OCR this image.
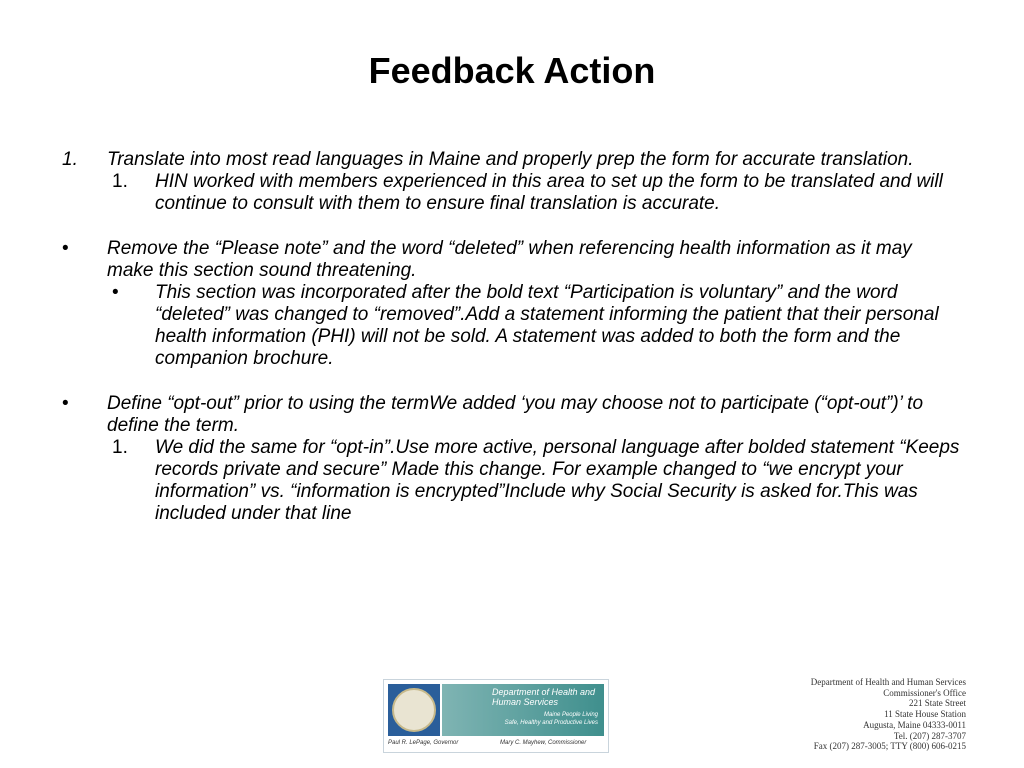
Feedback Action
1. Translate into most read languages in Maine and properly prep the form for accurate translation.
1. HIN worked with members experienced in this area to set up the form to be translated and will continue to consult with them to ensure final translation is accurate.
• Remove the “Please note” and the word “deleted” when referencing health information as it may make this section sound threatening.
• This section was incorporated after the bold text “Participation is voluntary” and the word “deleted” was changed to “removed”.Add a statement informing the patient that their personal health information (PHI) will not be sold. A statement was added to both the form and the companion brochure.
• Define “opt-out” prior to using the termWe added ‘you may choose not to participate (“opt-out”)’ to define the term.
1. We did the same for “opt-in”.Use more active, personal language after bolded statement “Keeps records private and secure” Made this change. For example changed to “we encrypt your information” vs. “information is encrypted”Include why Social Security is asked for.This was included under that line
Department of Health and Human Services
Maine People Living
Safe, Healthy and Productive Lives
Paul R. LePage, Governor	Mary C. Mayhew, Commissioner
Department of Health and Human Services
Commissioner's Office
221 State Street
11 State House Station
Augusta, Maine 04333-0011
Tel. (207) 287-3707
Fax (207) 287-3005; TTY (800) 606-0215
